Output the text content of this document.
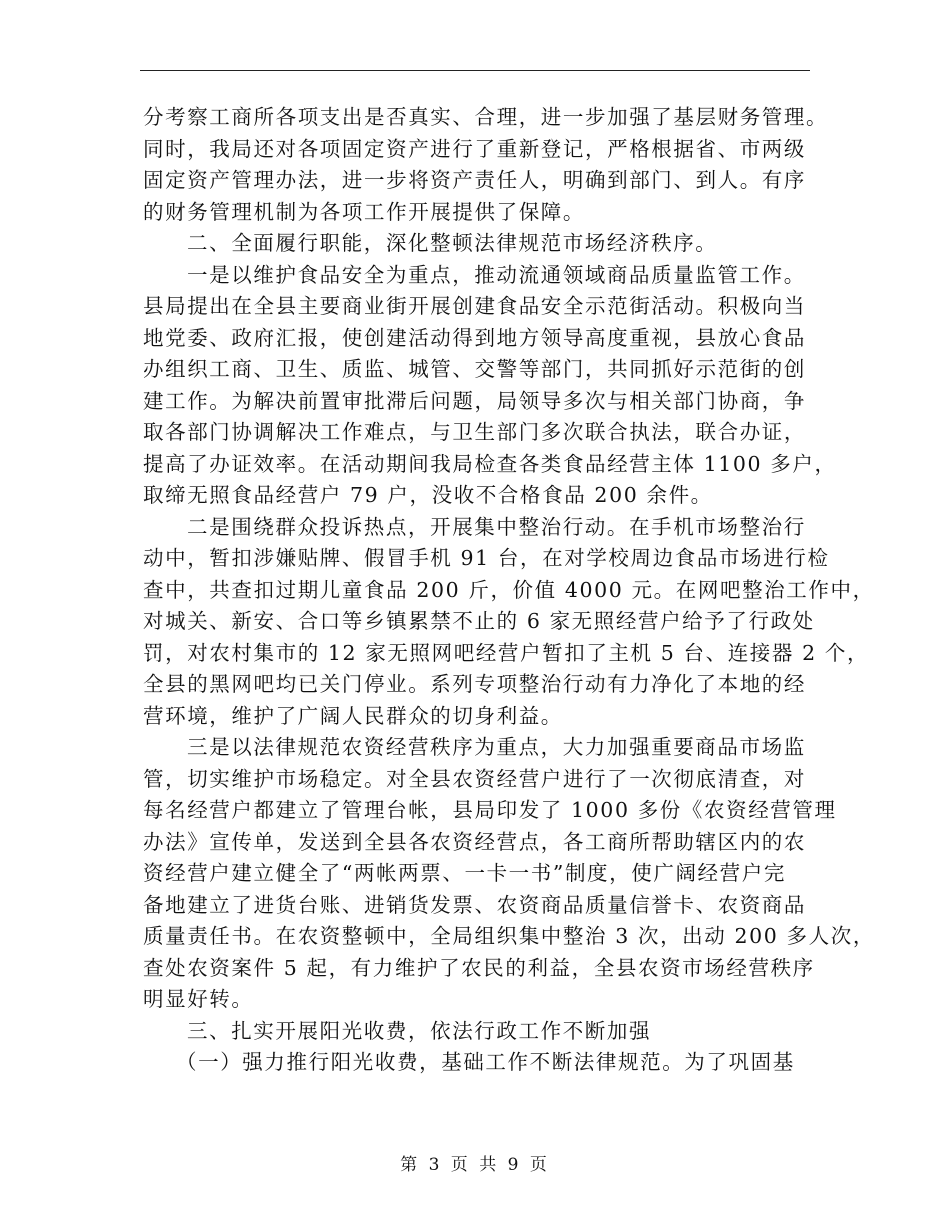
分考察工商所各项支出是否真实、合理，进一步加强了基层财务管理。
同时，我局还对各项固定资产进行了重新登记，严格根据省、市两级
固定资产管理办法，进一步将资产责任人，明确到部门、到人。有序
的财务管理机制为各项工作开展提供了保障。
二、全面履行职能，深化整顿法律规范市场经济秩序。
一是以维护食品安全为重点，推动流通领域商品质量监管工作。
县局提出在全县主要商业街开展创建食品安全示范街活动。积极向当
地党委、政府汇报，使创建活动得到地方领导高度重视，县放心食品
办组织工商、卫生、质监、城管、交警等部门，共同抓好示范街的创
建工作。为解决前置审批滞后问题，局领导多次与相关部门协商，争
取各部门协调解决工作难点，与卫生部门多次联合执法，联合办证，
提高了办证效率。在活动期间我局检查各类食品经营主体 1100 多户，
取缔无照食品经营户 79 户，没收不合格食品 200 余件。
二是围绕群众投诉热点，开展集中整治行动。在手机市场整治行
动中，暂扣涉嫌贴牌、假冒手机 91 台，在对学校周边食品市场进行检
查中，共查扣过期儿童食品 200 斤，价值 4000 元。在网吧整治工作中，
对城关、新安、合口等乡镇累禁不止的 6 家无照经营户给予了行政处
罚，对农村集市的 12 家无照网吧经营户暂扣了主机 5 台、连接器 2 个，
全县的黑网吧均已关门停业。系列专项整治行动有力净化了本地的经
营环境，维护了广阔人民群众的切身利益。
三是以法律规范农资经营秩序为重点，大力加强重要商品市场监
管，切实维护市场稳定。对全县农资经营户进行了一次彻底清查，对
每名经营户都建立了管理台帐，县局印发了 1000 多份《农资经营管理
办法》宣传单，发送到全县各农资经营点，各工商所帮助辖区内的农
资经营户建立健全了“两帐两票、一卡一书”制度，使广阔经营户完
备地建立了进货台账、进销货发票、农资商品质量信誉卡、农资商品
质量责任书。在农资整顿中，全局组织集中整治 3 次，出动 200 多人次，
查处农资案件 5 起，有力维护了农民的利益，全县农资市场经营秩序
明显好转。
三、扎实开展阳光收费，依法行政工作不断加强
（一）强力推行阳光收费，基础工作不断法律规范。为了巩固基
第 3 页 共 9 页
